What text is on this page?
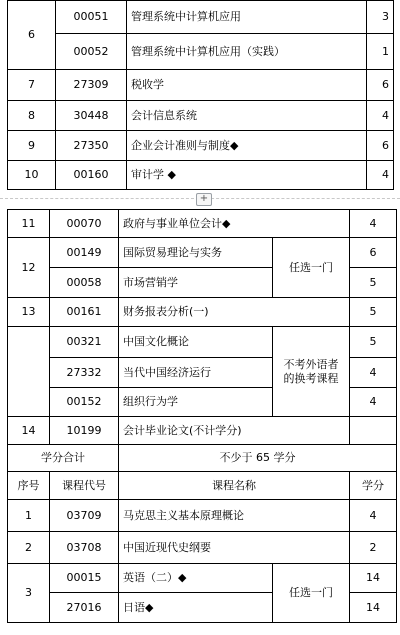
6	00051	管理系统中计算机应用	3
	00052	管理系统中计算机应用（实践）	1
7	27309	税收学	6
8	30448	会计信息系统	4
9	27350	企业会计准则与制度◆	6
10	00160	审计学 ◆	4
+
11	00070	政府与事业单位会计◆		4
12	00149	国际贸易理论与实务	任选一门	6
	00058	市场营销学		5
13	00161	财务报表分析(一)		5
	00321	中国文化概论	不考外语者的换考课程	5
	27332	当代中国经济运行		4
	00152	组织行为学		4
14	10199	会计毕业论文(不计学分)		
学分合计		不少于 65 学分		
序号	课程代号	课程名称		学分
1	03709	马克思主义基本原理概论		4
2	03708	中国近现代史纲要		2
3	00015	英语（二）◆	任选一门	14
	27016	日语◆		14
